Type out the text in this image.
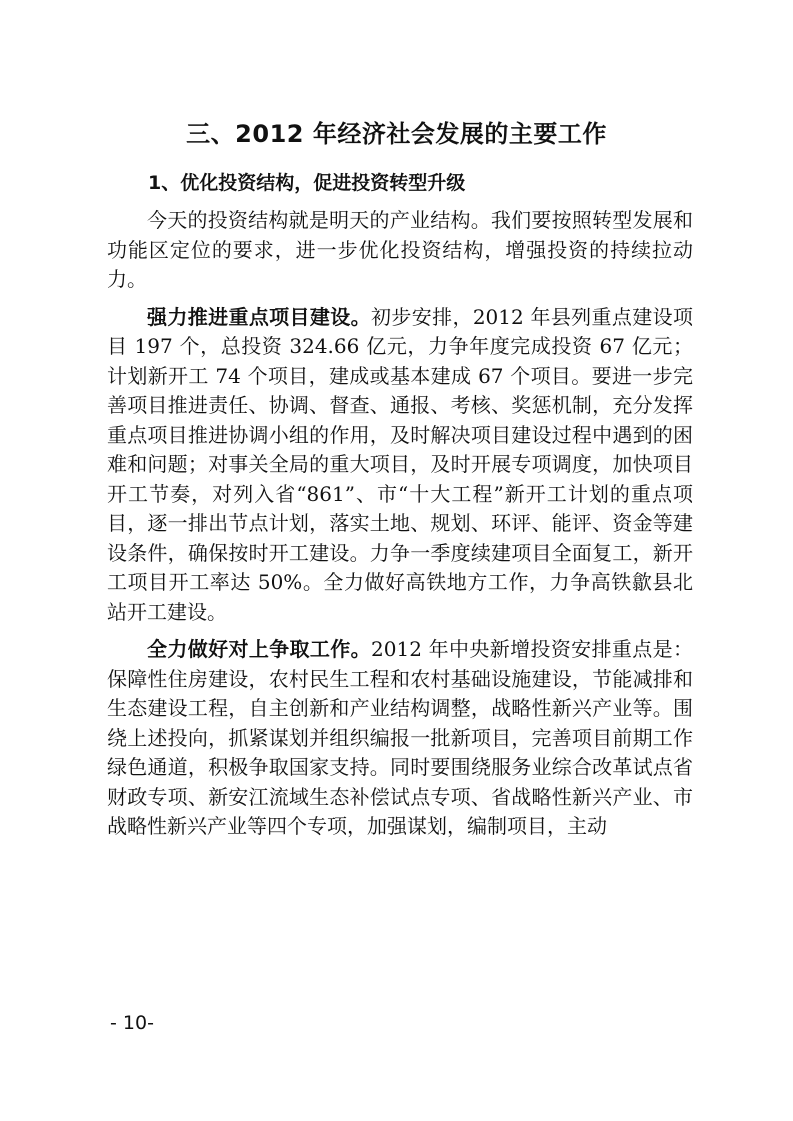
三、2012 年经济社会发展的主要工作
1、优化投资结构，促进投资转型升级

今天的投资结构就是明天的产业结构。我们要按照转型发展和功能区定位的要求，进一步优化投资结构，增强投资的持续拉动力。

强力推进重点项目建设。初步安排，2012 年县列重点建设项目 197 个，总投资 324.66 亿元，力争年度完成投资 67 亿元；计划新开工 74 个项目，建成或基本建成 67 个项目。要进一步完善项目推进责任、协调、督查、通报、考核、奖惩机制，充分发挥重点项目推进协调小组的作用，及时解决项目建设过程中遇到的困难和问题；对事关全局的重大项目，及时开展专项调度，加快项目开工节奏，对列入省“861”、市“十大工程”新开工计划的重点项目，逐一排出节点计划，落实土地、规划、环评、能评、资金等建设条件，确保按时开工建设。力争一季度续建项目全面复工，新开工项目开工率达 50%。全力做好高铁地方工作，力争高铁歙县北站开工建设。

全力做好对上争取工作。2012 年中央新增投资安排重点是：保障性住房建设，农村民生工程和农村基础设施建设，节能减排和生态建设工程，自主创新和产业结构调整，战略性新兴产业等。围绕上述投向，抓紧谋划并组织编报一批新项目，完善项目前期工作绿色通道，积极争取国家支持。同时要围绕服务业综合改革试点省财政专项、新安江流域生态补偿试点专项、省战略性新兴产业、市战略性新兴产业等四个专项，加强谋划，编制项目，主动

- 10-
